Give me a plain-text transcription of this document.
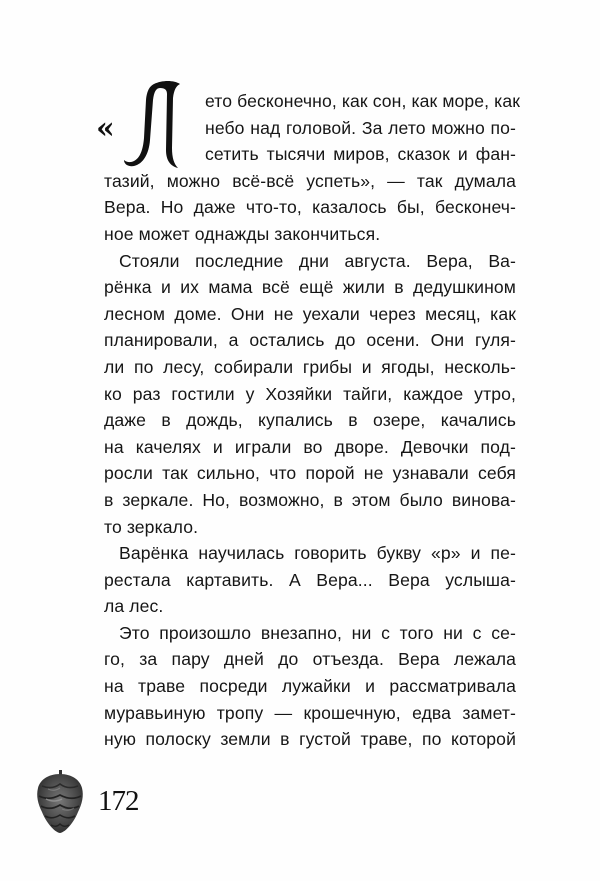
«
ето бесконечно, как сон, как море, как
небо над головой. За лето можно по-
сетить тысячи миров, сказок и фан-
тазий, можно всё-всё успеть», — так думала
Вера. Но даже что-то, казалось бы, бесконеч-
ное может однажды закончиться.
Стояли последние дни августа. Вера, Ва-
рёнка и их мама всё ещё жили в дедушкином
лесном доме. Они не уехали через месяц, как
планировали, а остались до осени. Они гуля-
ли по лесу, собирали грибы и ягоды, несколь-
ко раз гостили у Хозяйки тайги, каждое утро,
даже в дождь, купались в озере, качались
на качелях и играли во дворе. Девочки под-
росли так сильно, что порой не узнавали себя
в зеркале. Но, возможно, в этом было винова-
то зеркало.
Варёнка научилась говорить букву «р» и пе-
рестала картавить. А Вера... Вера услыша-
ла лес.
Это произошло внезапно, ни с того ни с се-
го, за пару дней до отъезда. Вера лежала
на траве посреди лужайки и рассматривала
муравьиную тропу — крошечную, едва замет-
ную полоску земли в густой траве, по которой
172
